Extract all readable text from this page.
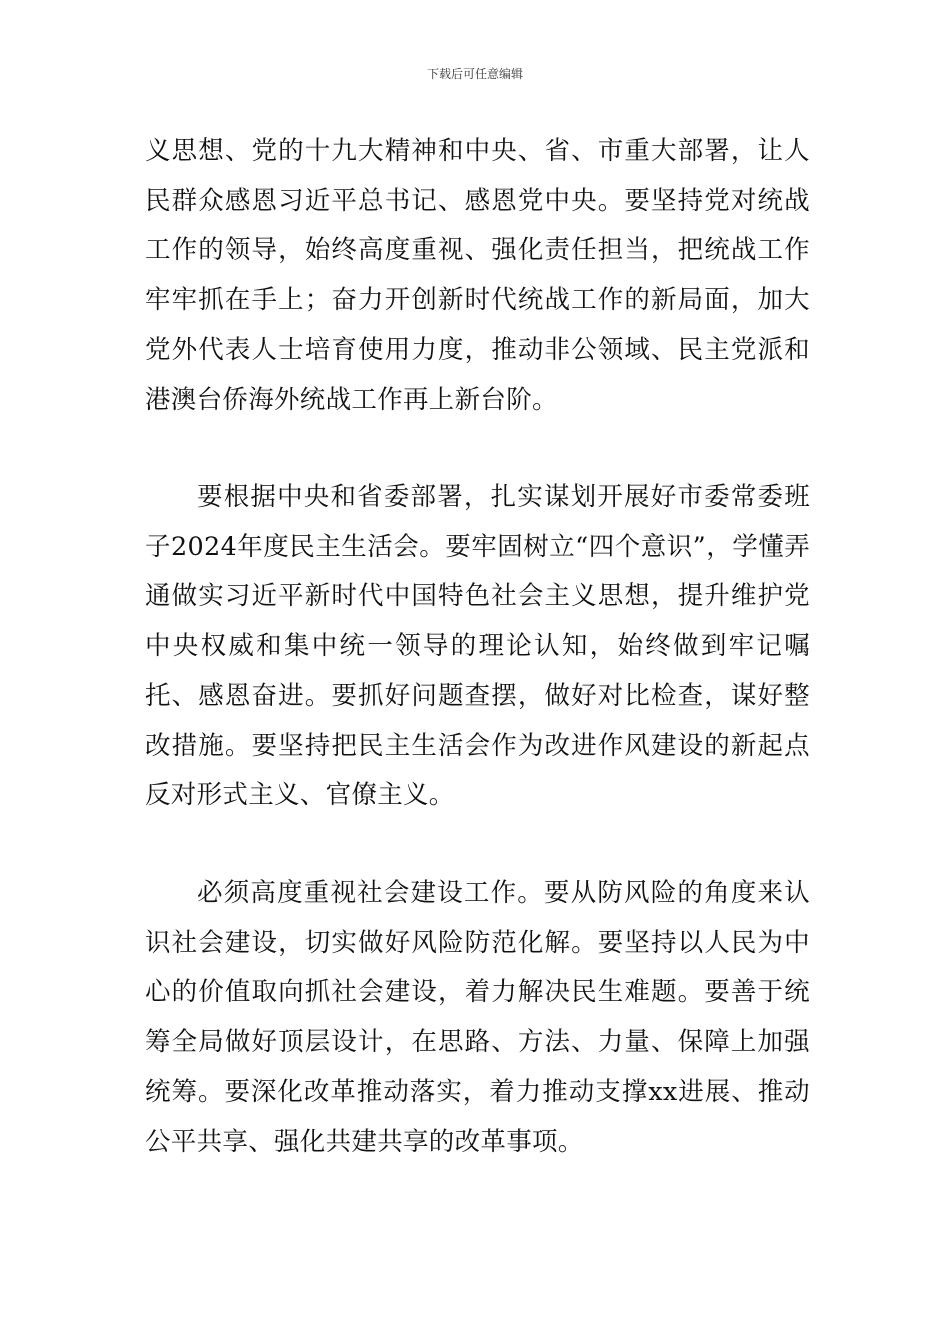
下载后可任意编辑

义思想、党的十九大精神和中央、省、市重大部署，让人民群众感恩习近平总书记、感恩党中央。要坚持党对统战工作的领导，始终高度重视、强化责任担当，把统战工作牢牢抓在手上；奋力开创新时代统战工作的新局面，加大党外代表人士培育使用力度，推动非公领域、民主党派和港澳台侨海外统战工作再上新台阶。

要根据中央和省委部署，扎实谋划开展好市委常委班子2024年度民主生活会。要牢固树立“四个意识”，学懂弄通做实习近平新时代中国特色社会主义思想，提升维护党中央权威和集中统一领导的理论认知，始终做到牢记嘱托、感恩奋进。要抓好问题查摆，做好对比检查，谋好整改措施。要坚持把民主生活会作为改进作风建设的新起点反对形式主义、官僚主义。

必须高度重视社会建设工作。要从防风险的角度来认识社会建设，切实做好风险防范化解。要坚持以人民为中心的价值取向抓社会建设，着力解决民生难题。要善于统筹全局做好顶层设计，在思路、方法、力量、保障上加强统筹。要深化改革推动落实，着力推动支撑xx进展、推动公平共享、强化共建共享的改革事项。
